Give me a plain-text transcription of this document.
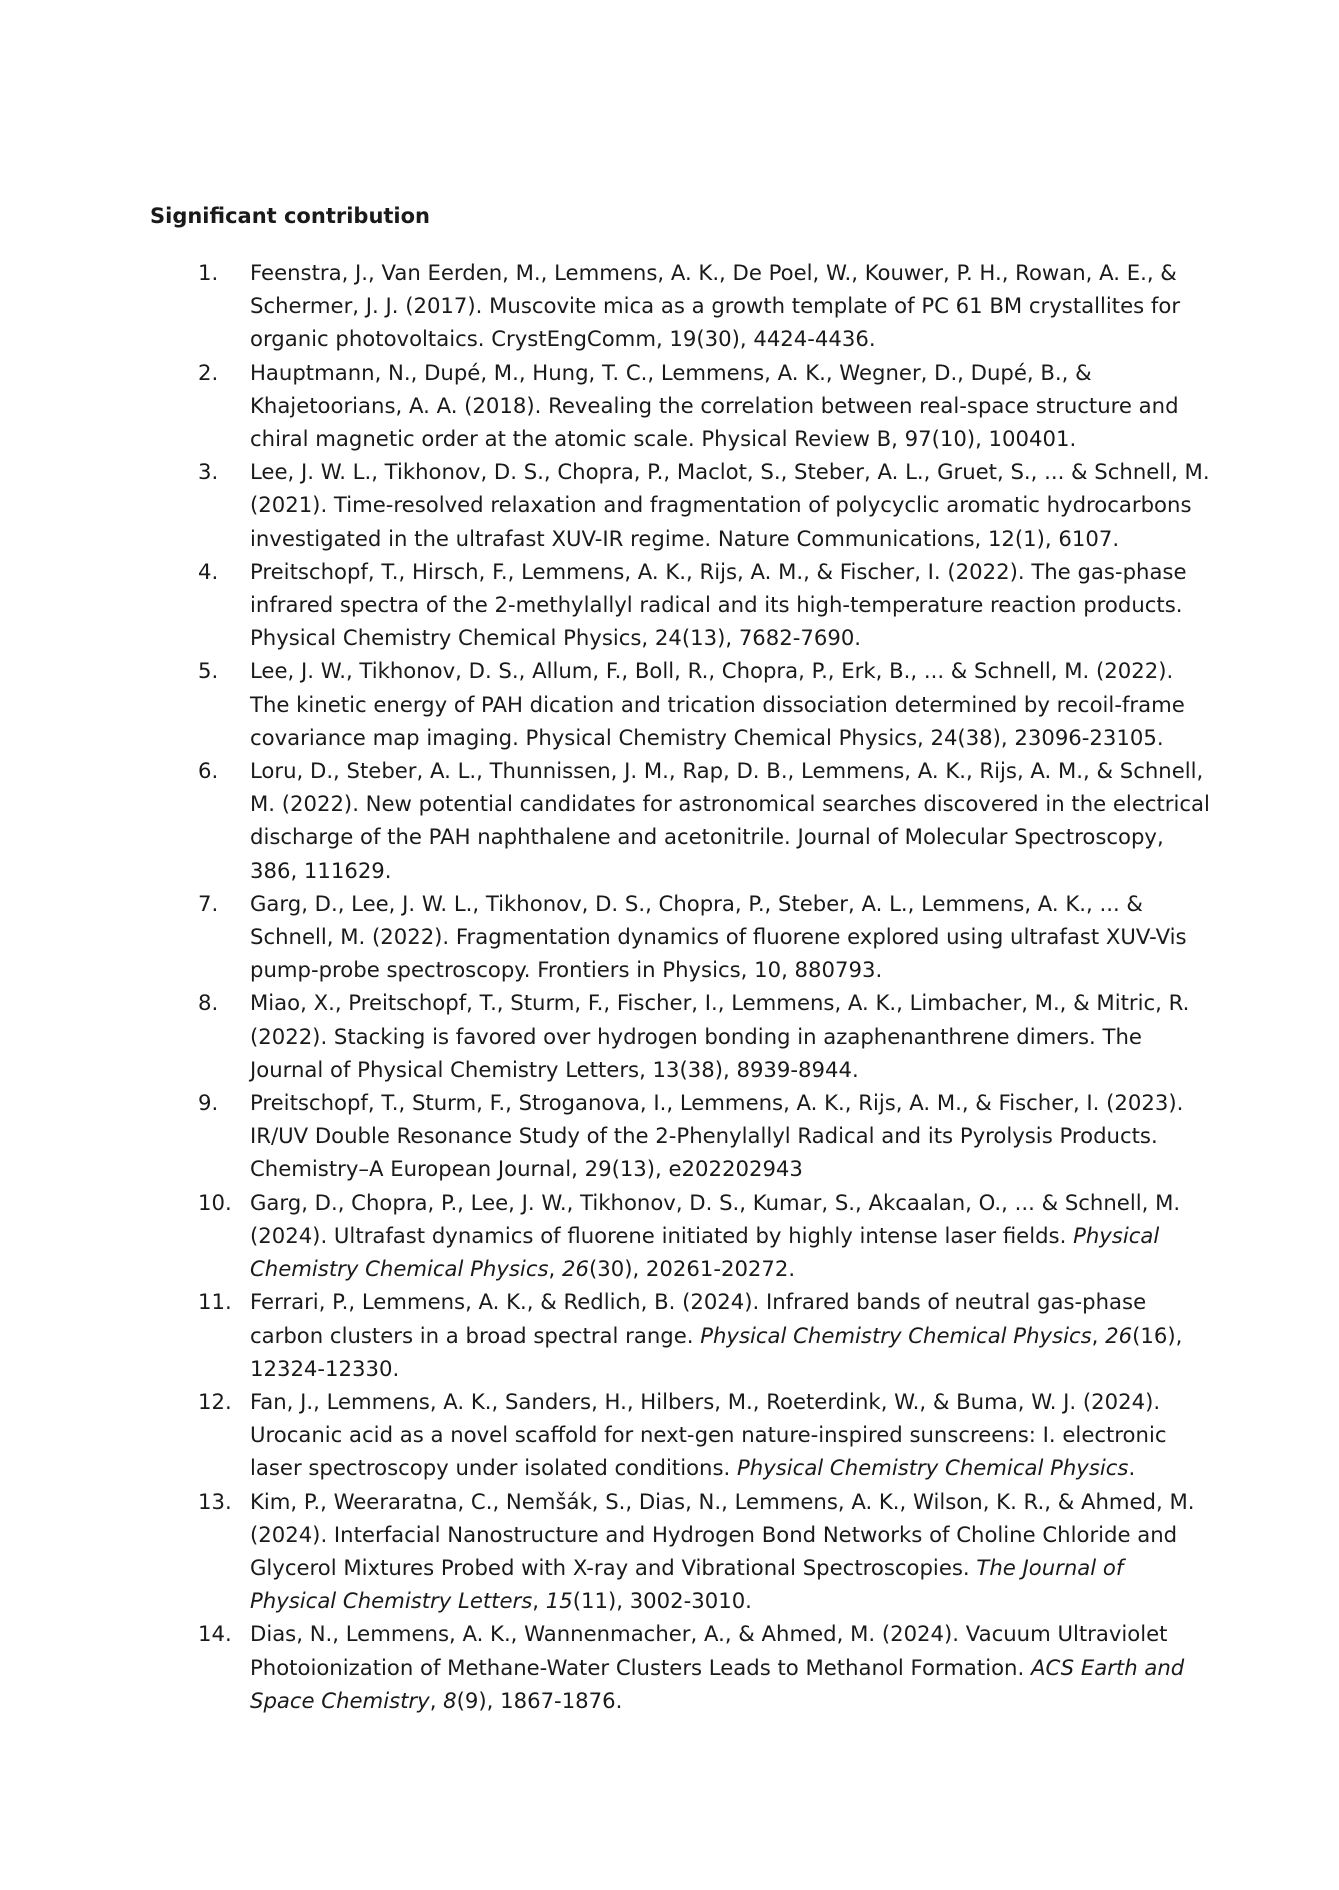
Significant contribution
1. Feenstra, J., Van Eerden, M., Lemmens, A. K., De Poel, W., Kouwer, P. H., Rowan, A. E., & Schermer, J. J. (2017). Muscovite mica as a growth template of PC 61 BM crystallites for organic photovoltaics. CrystEngComm, 19(30), 4424-4436.
2. Hauptmann, N., Dupé, M., Hung, T. C., Lemmens, A. K., Wegner, D., Dupé, B., & Khajetoorians, A. A. (2018). Revealing the correlation between real-space structure and chiral magnetic order at the atomic scale. Physical Review B, 97(10), 100401.
3. Lee, J. W. L., Tikhonov, D. S., Chopra, P., Maclot, S., Steber, A. L., Gruet, S., ... & Schnell, M. (2021). Time-resolved relaxation and fragmentation of polycyclic aromatic hydrocarbons investigated in the ultrafast XUV-IR regime. Nature Communications, 12(1), 6107.
4. Preitschopf, T., Hirsch, F., Lemmens, A. K., Rijs, A. M., & Fischer, I. (2022). The gas-phase infrared spectra of the 2-methylallyl radical and its high-temperature reaction products. Physical Chemistry Chemical Physics, 24(13), 7682-7690.
5. Lee, J. W., Tikhonov, D. S., Allum, F., Boll, R., Chopra, P., Erk, B., ... & Schnell, M. (2022). The kinetic energy of PAH dication and trication dissociation determined by recoil-frame covariance map imaging. Physical Chemistry Chemical Physics, 24(38), 23096-23105.
6. Loru, D., Steber, A. L., Thunnissen, J. M., Rap, D. B., Lemmens, A. K., Rijs, A. M., & Schnell, M. (2022). New potential candidates for astronomical searches discovered in the electrical discharge of the PAH naphthalene and acetonitrile. Journal of Molecular Spectroscopy, 386, 111629.
7. Garg, D., Lee, J. W. L., Tikhonov, D. S., Chopra, P., Steber, A. L., Lemmens, A. K., ... & Schnell, M. (2022). Fragmentation dynamics of fluorene explored using ultrafast XUV-Vis pump-probe spectroscopy. Frontiers in Physics, 10, 880793.
8. Miao, X., Preitschopf, T., Sturm, F., Fischer, I., Lemmens, A. K., Limbacher, M., & Mitric, R. (2022). Stacking is favored over hydrogen bonding in azaphenanthrene dimers. The Journal of Physical Chemistry Letters, 13(38), 8939-8944.
9. Preitschopf, T., Sturm, F., Stroganova, I., Lemmens, A. K., Rijs, A. M., & Fischer, I. (2023). IR/UV Double Resonance Study of the 2-Phenylallyl Radical and its Pyrolysis Products. Chemistry–A European Journal, 29(13), e202202943
10. Garg, D., Chopra, P., Lee, J. W., Tikhonov, D. S., Kumar, S., Akcaalan, O., ... & Schnell, M. (2024). Ultrafast dynamics of fluorene initiated by highly intense laser fields. Physical Chemistry Chemical Physics, 26(30), 20261-20272.
11. Ferrari, P., Lemmens, A. K., & Redlich, B. (2024). Infrared bands of neutral gas-phase carbon clusters in a broad spectral range. Physical Chemistry Chemical Physics, 26(16), 12324-12330.
12. Fan, J., Lemmens, A. K., Sanders, H., Hilbers, M., Roeterdink, W., & Buma, W. J. (2024). Urocanic acid as a novel scaffold for next-gen nature-inspired sunscreens: I. electronic laser spectroscopy under isolated conditions. Physical Chemistry Chemical Physics.
13. Kim, P., Weeraratna, C., Nemšák, S., Dias, N., Lemmens, A. K., Wilson, K. R., & Ahmed, M. (2024). Interfacial Nanostructure and Hydrogen Bond Networks of Choline Chloride and Glycerol Mixtures Probed with X-ray and Vibrational Spectroscopies. The Journal of Physical Chemistry Letters, 15(11), 3002-3010.
14. Dias, N., Lemmens, A. K., Wannenmacher, A., & Ahmed, M. (2024). Vacuum Ultraviolet Photoionization of Methane-Water Clusters Leads to Methanol Formation. ACS Earth and Space Chemistry, 8(9), 1867-1876.
